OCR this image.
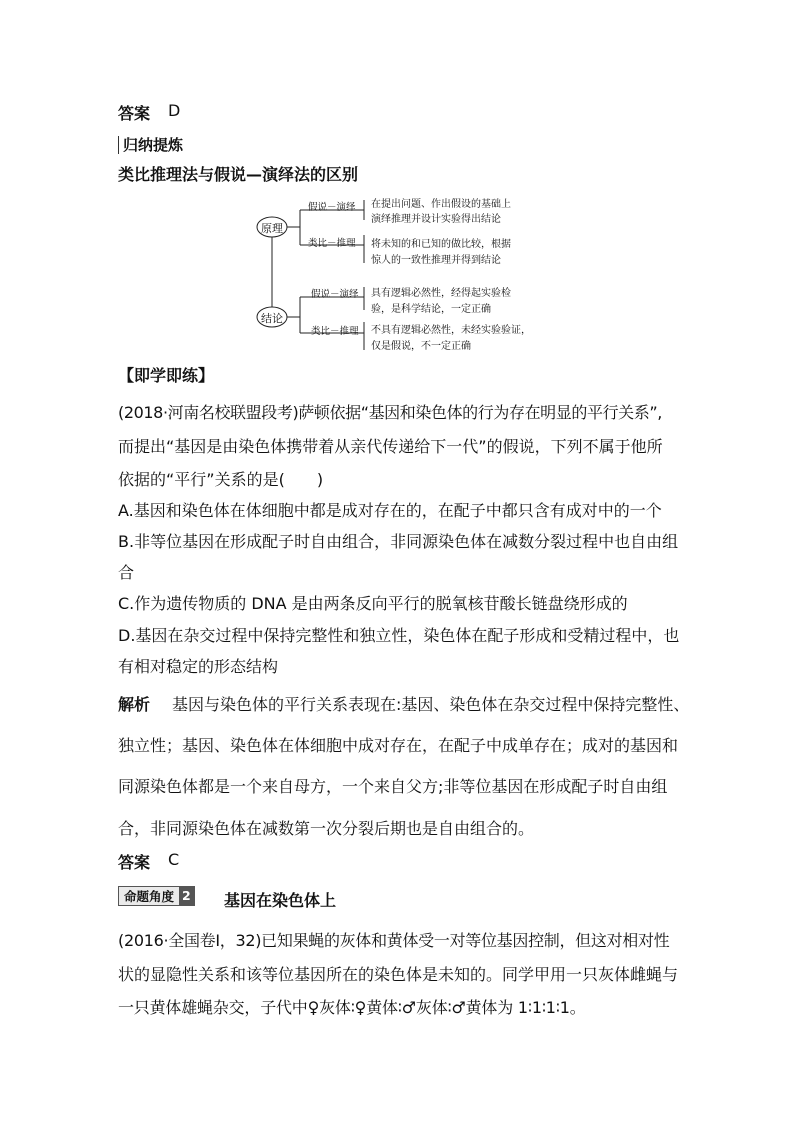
答案 D
归纳提炼
类比推理法与假说—演绎法的区别
原理
结论
假说－演绎 在提出问题、作出假设的基础上
演绎推理并设计实验得出结论
类比－推理 将未知的和已知的做比较，根据
惊人的一致性推理并得到结论
假说－演绎 具有逻辑必然性，经得起实验检
验，是科学结论，一定正确
类比－推理 不具有逻辑必然性，未经实验验证，
仅是假说，不一定正确
【即学即练】
(2018·河南名校联盟段考)萨顿依据“基因和染色体的行为存在明显的平行关系”,
而提出“基因是由染色体携带着从亲代传递给下一代”的假说，下列不属于他所
依据的“平行”关系的是(　　)
A.基因和染色体在体细胞中都是成对存在的，在配子中都只含有成对中的一个
B.非等位基因在形成配子时自由组合，非同源染色体在减数分裂过程中也自由组
合
C.作为遗传物质的 DNA 是由两条反向平行的脱氧核苷酸长链盘绕形成的
D.基因在杂交过程中保持完整性和独立性，染色体在配子形成和受精过程中，也
有相对稳定的形态结构
解析 基因与染色体的平行关系表现在:基因、染色体在杂交过程中保持完整性、
独立性；基因、染色体在体细胞中成对存在，在配子中成单存在；成对的基因和
同源染色体都是一个来自母方，一个来自父方;非等位基因在形成配子时自由组
合，非同源染色体在减数第一次分裂后期也是自由组合的。
答案 C
命题角度 2 基因在染色体上
(2016·全国卷Ⅰ，32)已知果蝇的灰体和黄体受一对等位基因控制，但这对相对性
状的显隐性关系和该等位基因所在的染色体是未知的。同学甲用一只灰体雌蝇与
一只黄体雄蝇杂交，子代中♀灰体∶♀黄体∶♂灰体∶♂黄体为 1∶1∶1∶1。
